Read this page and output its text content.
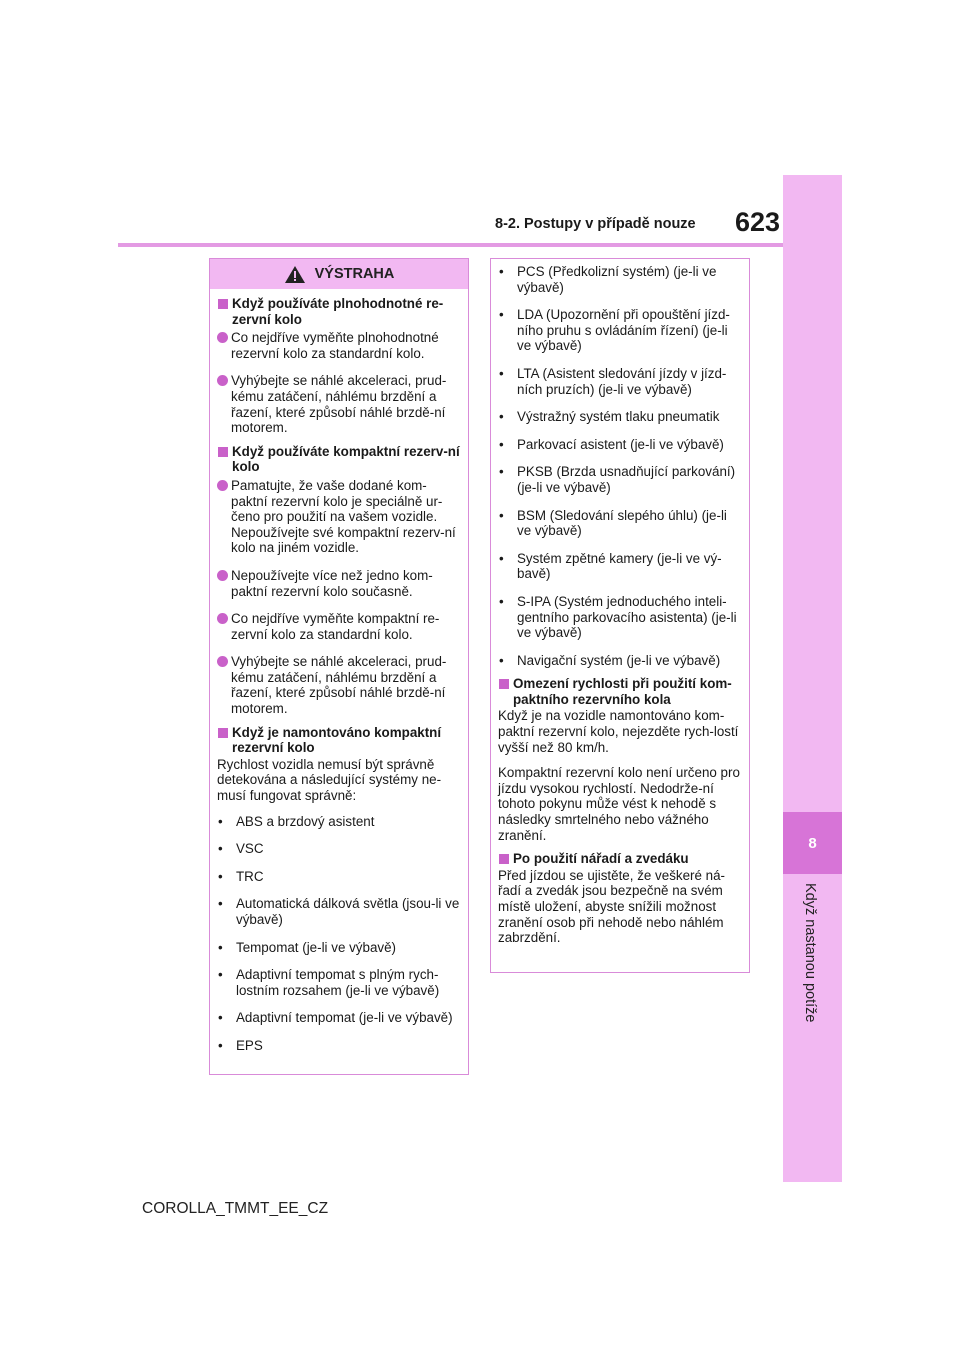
8
Když nastanou potíže
623
8-2. Postupy v případě nouze
VÝSTRAHA
Když používáte plnohodnotné re-zervní kolo
Co nejdříve vyměňte plnohodnotné rezervní kolo za standardní kolo.
Vyhýbejte se náhlé akceleraci, prud-kému zatáčení, náhlému brzdění a řazení, které způsobí náhlé brzdě-ní motorem.
Když používáte kompaktní rezerv-ní kolo
Pamatujte, že vaše dodané kom-paktní rezervní kolo je speciálně ur-čeno pro použití na vašem vozidle. Nepoužívejte své kompaktní rezerv-ní kolo na jiném vozidle.
Nepoužívejte více než jedno kom-paktní rezervní kolo současně.
Co nejdříve vyměňte kompaktní re-zervní kolo za standardní kolo.
Vyhýbejte se náhlé akceleraci, prud-kému zatáčení, náhlému brzdění a řazení, které způsobí náhlé brzdě-ní motorem.
Když je namontováno kompaktní rezervní kolo
Rychlost vozidla nemusí být správně detekována a následující systémy ne-musí fungovat správně:
• ABS a brzdový asistent
• VSC
• TRC
• Automatická dálková světla (jsou-li ve výbavě)
• Tempomat (je-li ve výbavě)
• Adaptivní tempomat s plným rych-lostním rozsahem (je-li ve výbavě)
• Adaptivní tempomat (je-li ve výbavě)
• EPS
• PCS (Předkolizní systém) (je-li ve výbavě)
• LDA (Upozornění při opouštění jízd-ního pruhu s ovládáním řízení) (je-li ve výbavě)
• LTA (Asistent sledování jízdy v jízd-ních pruzích) (je-li ve výbavě)
• Výstražný systém tlaku pneumatik
• Parkovací asistent (je-li ve výbavě)
• PKSB (Brzda usnadňující parkování) (je-li ve výbavě)
• BSM (Sledování slepého úhlu) (je-li ve výbavě)
• Systém zpětné kamery (je-li ve vý-bavě)
• S-IPA (Systém jednoduchého inteli-gentního parkovacího asistenta) (je-li ve výbavě)
• Navigační systém (je-li ve výbavě)
Omezení rychlosti při použití kom-paktního rezervního kola
Když je na vozidle namontováno kom-paktní rezervní kolo, nejezděte rych-lostí vyšší než 80 km/h.
Kompaktní rezervní kolo není určeno pro jízdu vysokou rychlostí. Nedodrže-ní tohoto pokynu může vést k nehodě s následky smrtelného nebo vážného zranění.
Po použití nářadí a zvedáku
Před jízdou se ujistěte, že veškeré ná-řadí a zvedák jsou bezpečně na svém místě uložení, abyste snížili možnost zranění osob při nehodě nebo náhlém zabrzdění.
COROLLA_TMMT_EE_CZ
